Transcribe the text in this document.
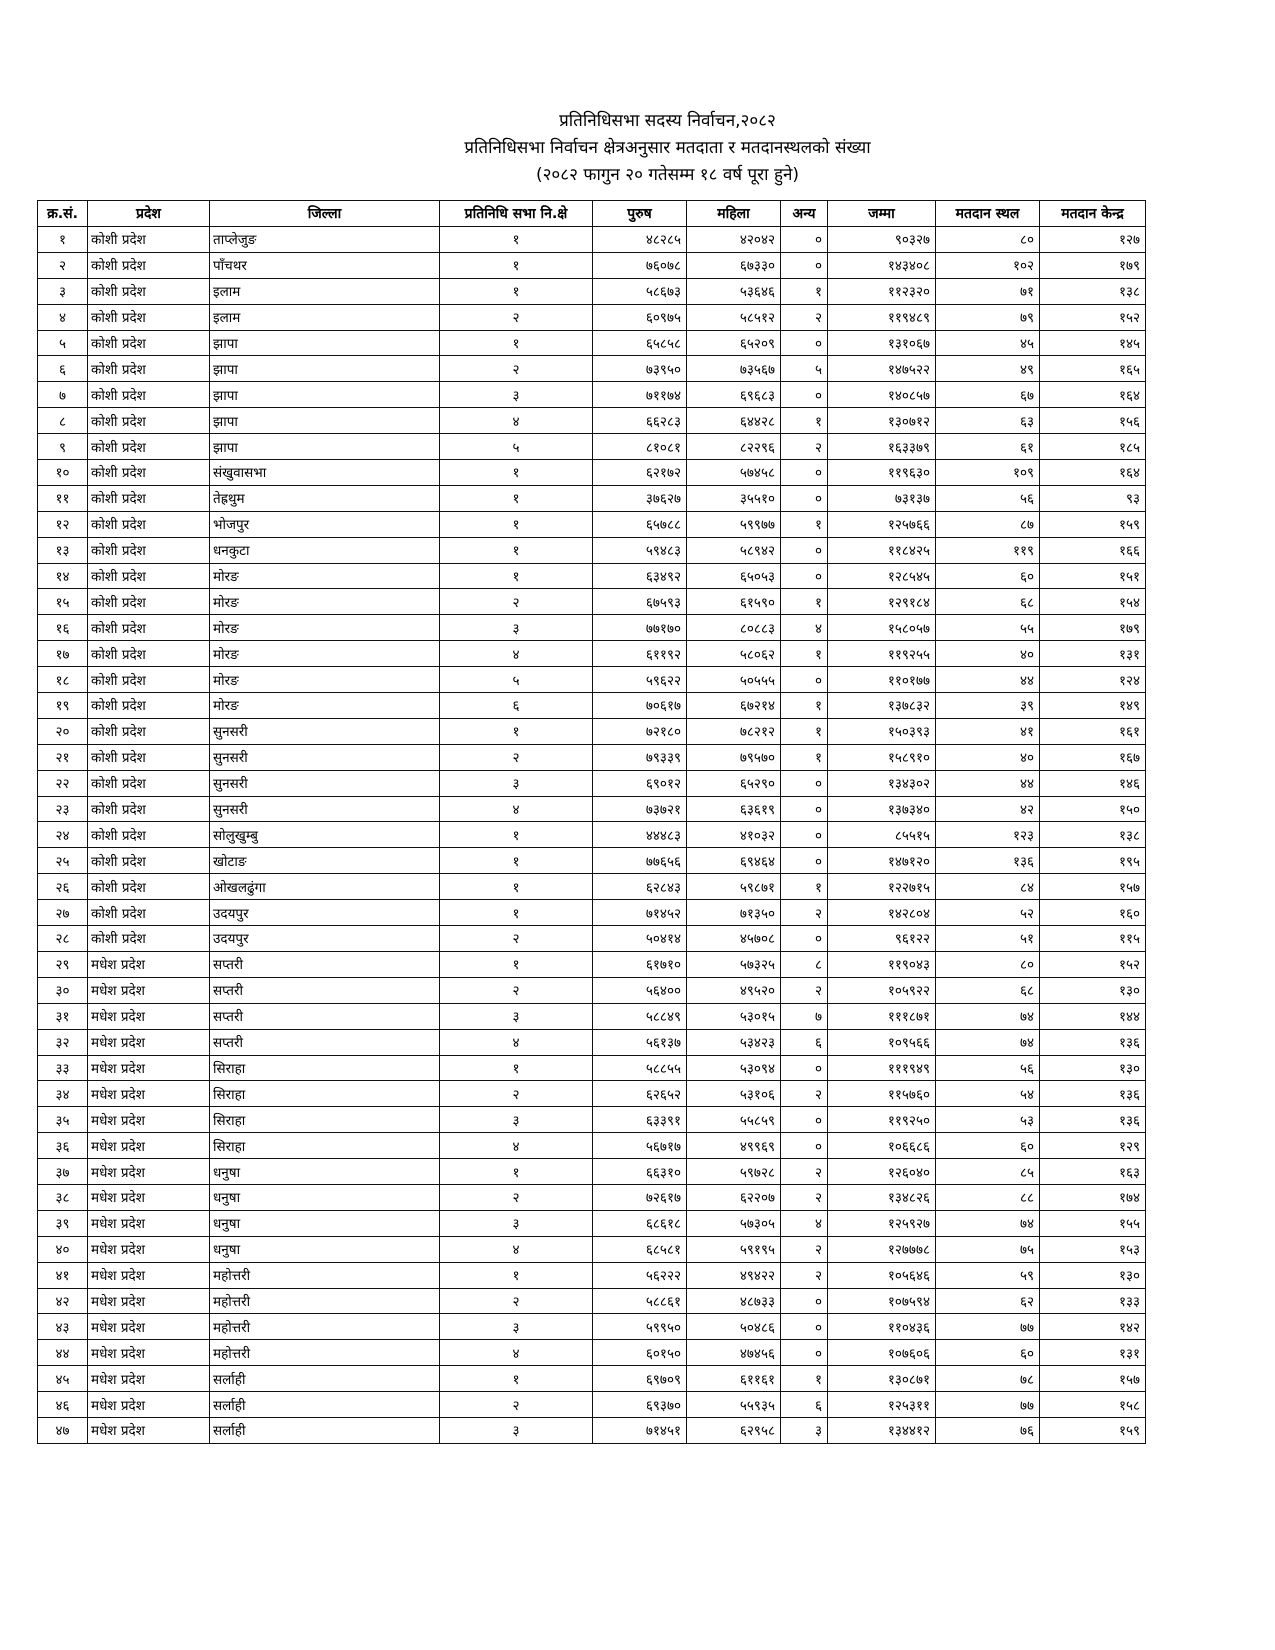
प्रतिनिधिसभा सदस्य निर्वाचन,२०८२
प्रतिनिधिसभा निर्वाचन क्षेत्रअनुसार मतदाता र मतदानस्थलको संख्या
(२०८२ फागुन २० गतेसम्म १८ वर्ष पूरा हुने)
क्र.सं.	प्रदेश	जिल्ला	प्रतिनिधि सभा नि.क्षे	पुरुष	महिला	अन्य	जम्मा	मतदान स्थल	मतदान केन्द्र
१	कोशी प्रदेश	ताप्लेजुङ	१	४८२८५	४२०४२	०	९०३२७	८०	१२७
२	कोशी प्रदेश	पाँचथर	१	७६०७८	६७३३०	०	१४३४०८	१०२	१७९
३	कोशी प्रदेश	इलाम	१	५८६७३	५३६४६	१	११२३२०	७१	१३८
४	कोशी प्रदेश	इलाम	२	६०९७५	५८५१२	२	११९४८९	७९	१५२
५	कोशी प्रदेश	झापा	१	६५८५८	६५२०९	०	१३१०६७	४५	१४५
६	कोशी प्रदेश	झापा	२	७३९५०	७३५६७	५	१४७५२२	४९	१६५
७	कोशी प्रदेश	झापा	३	७११७४	६९६८३	०	१४०८५७	६७	१६४
८	कोशी प्रदेश	झापा	४	६६२८३	६४४२८	१	१३०७१२	६३	१५६
९	कोशी प्रदेश	झापा	५	८१०८१	८२२९६	२	१६३३७९	६१	१८५
१०	कोशी प्रदेश	संखुवासभा	१	६२१७२	५७४५८	०	११९६३०	१०९	१६४
११	कोशी प्रदेश	तेह्रथुम	१	३७६२७	३५५१०	०	७३१३७	५६	९३
१२	कोशी प्रदेश	भोजपुर	१	६५७८८	५९९७७	१	१२५७६६	८७	१५९
१३	कोशी प्रदेश	धनकुटा	१	५९४८३	५८९४२	०	११८४२५	११९	१६६
१४	कोशी प्रदेश	मोरङ	१	६३४९२	६५०५३	०	१२८५४५	६०	१५१
१५	कोशी प्रदेश	मोरङ	२	६७५९३	६१५९०	१	१२९१८४	६८	१५४
१६	कोशी प्रदेश	मोरङ	३	७७१७०	८०८८३	४	१५८०५७	५५	१७९
१७	कोशी प्रदेश	मोरङ	४	६११९२	५८०६२	१	११९२५५	४०	१३१
१८	कोशी प्रदेश	मोरङ	५	५९६२२	५०५५५	०	११०१७७	४४	१२४
१९	कोशी प्रदेश	मोरङ	६	७०६१७	६७२१४	१	१३७८३२	३९	१४९
२०	कोशी प्रदेश	सुनसरी	१	७२१८०	७८२१२	१	१५०३९३	४१	१६१
२१	कोशी प्रदेश	सुनसरी	२	७९३३९	७९५७०	१	१५८९१०	४०	१६७
२२	कोशी प्रदेश	सुनसरी	३	६९०१२	६५२९०	०	१३४३०२	४४	१४६
२३	कोशी प्रदेश	सुनसरी	४	७३७२१	६३६१९	०	१३७३४०	४२	१५०
२४	कोशी प्रदेश	सोलुखुम्बु	१	४४४८३	४१०३२	०	८५५१५	१२३	१३८
२५	कोशी प्रदेश	खोटाङ	१	७७६५६	६९४६४	०	१४७१२०	१३६	१९५
२६	कोशी प्रदेश	ओखलढुंगा	१	६२८४३	५९८७१	१	१२२७१५	८४	१५७
२७	कोशी प्रदेश	उदयपुर	१	७१४५२	७१३५०	२	१४२८०४	५२	१६०
२८	कोशी प्रदेश	उदयपुर	२	५०४१४	४५७०८	०	९६१२२	५१	११५
२९	मधेश प्रदेश	सप्तरी	१	६१७१०	५७३२५	८	११९०४३	८०	१५२
३०	मधेश प्रदेश	सप्तरी	२	५६४००	४९५२०	२	१०५९२२	६८	१३०
३१	मधेश प्रदेश	सप्तरी	३	५८८४९	५३०१५	७	१११८७१	७४	१४४
३२	मधेश प्रदेश	सप्तरी	४	५६१३७	५३४२३	६	१०९५६६	७४	१३६
३३	मधेश प्रदेश	सिराहा	१	५८८५५	५३०९४	०	१११९४९	५६	१३०
३४	मधेश प्रदेश	सिराहा	२	६२६५२	५३१०६	२	११५७६०	५४	१३६
३५	मधेश प्रदेश	सिराहा	३	६३३९१	५५८५९	०	११९२५०	५३	१३६
३६	मधेश प्रदेश	सिराहा	४	५६७१७	४९९६९	०	१०६६८६	६०	१२९
३७	मधेश प्रदेश	धनुषा	१	६६३१०	५९७२८	२	१२६०४०	८५	१६३
३८	मधेश प्रदेश	धनुषा	२	७२६१७	६२२०७	२	१३४८२६	८८	१७४
३९	मधेश प्रदेश	धनुषा	३	६८६१८	५७३०५	४	१२५९२७	७४	१५५
४०	मधेश प्रदेश	धनुषा	४	६८५८१	५९१९५	२	१२७७७८	७५	१५३
४१	मधेश प्रदेश	महोत्तरी	१	५६२२२	४९४२२	२	१०५६४६	५९	१३०
४२	मधेश प्रदेश	महोत्तरी	२	५८८६१	४८७३३	०	१०७५९४	६२	१३३
४३	मधेश प्रदेश	महोत्तरी	३	५९९५०	५०४८६	०	११०४३६	७७	१४२
४४	मधेश प्रदेश	महोत्तरी	४	६०१५०	४७४५६	०	१०७६०६	६०	१३१
४५	मधेश प्रदेश	सर्लाही	१	६९७०९	६११६१	१	१३०८७१	७८	१५७
४६	मधेश प्रदेश	सर्लाही	२	६९३७०	५५९३५	६	१२५३११	७७	१५८
४७	मधेश प्रदेश	सर्लाही	३	७१४५१	६२९५८	३	१३४४१२	७६	१५९
